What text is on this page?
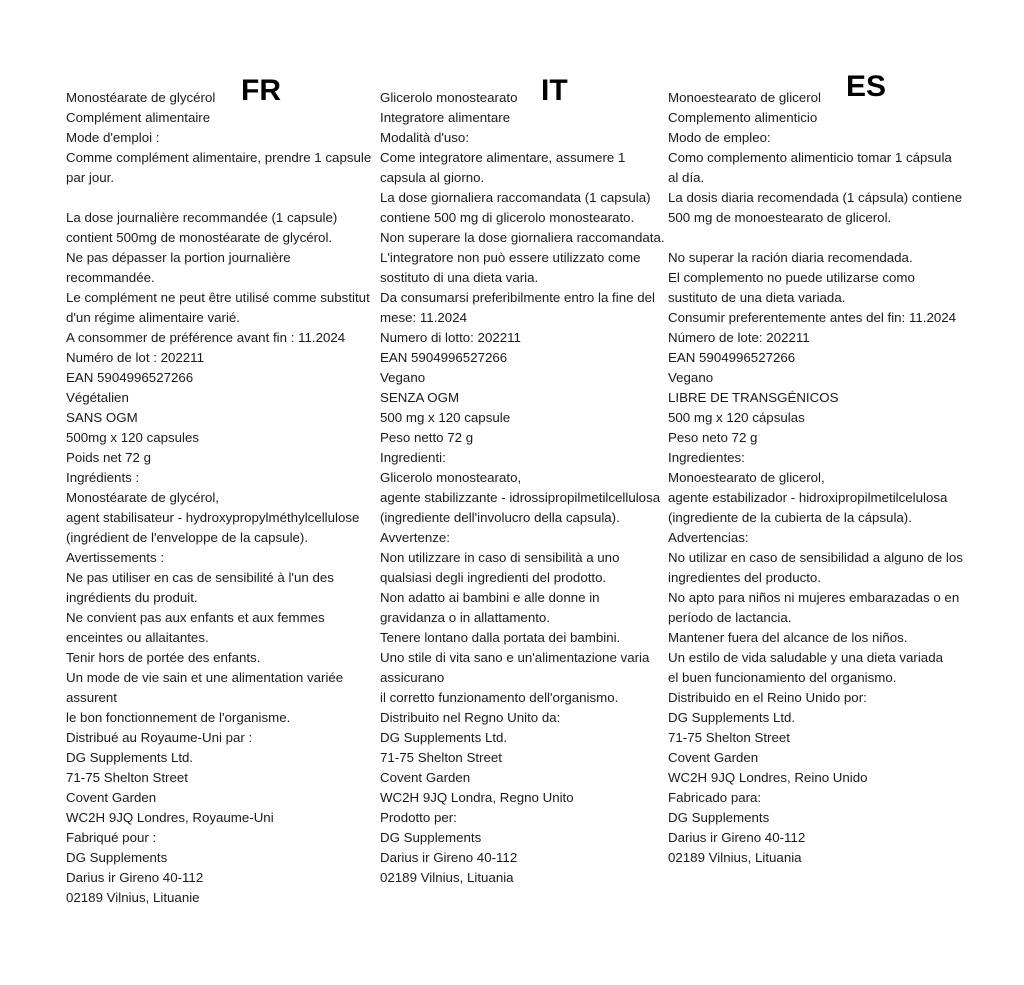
FR	IT	ES
Monostéarate de glycérol
Complément alimentaire
Mode d'emploi :
Comme complément alimentaire, prendre 1 capsule par jour.
La dose journalière recommandée (1 capsule) contient 500mg de monostéarate de glycérol.
Ne pas dépasser la portion journalière recommandée.
Le complément ne peut être utilisé comme substitut d'un régime alimentaire varié.
A consommer de préférence avant fin : 11.2024
Numéro de lot : 202211
EAN 5904996527266
Végétalien
SANS OGM
500mg x 120 capsules
Poids net 72 g
Ingrédients :
Monostéarate de glycérol,
agent stabilisateur - hydroxypropylméthylcellulose (ingrédient de l'enveloppe de la capsule).
Avertissements :
Ne pas utiliser en cas de sensibilité à l'un des ingrédients du produit.
Ne convient pas aux enfants et aux femmes enceintes ou allaitantes.
Tenir hors de portée des enfants.
Un mode de vie sain et une alimentation variée assurent
le bon fonctionnement de l'organisme.
Distribué au Royaume-Uni par :
DG Supplements Ltd.
71-75 Shelton Street
Covent Garden
WC2H 9JQ Londres, Royaume-Uni
Fabriqué pour :
DG Supplements
Darius ir Gireno 40-112
02189 Vilnius, Lituanie
Glicerolo monostearato
Integratore alimentare
Modalità d'uso:
Come integratore alimentare, assumere 1 capsula al giorno.
La dose giornaliera raccomandata (1 capsula) contiene 500 mg di glicerolo monostearato.
Non superare la dose giornaliera raccomandata.
L'integratore non può essere utilizzato come sostituto di una dieta varia.
Da consumarsi preferibilmente entro la fine del mese: 11.2024
Numero di lotto: 202211
EAN 5904996527266
Vegano
SENZA OGM
500 mg x 120 capsule
Peso netto 72 g
Ingredienti:
Glicerolo monostearato,
agente stabilizzante - idrossipropilmetilcellulosa (ingrediente dell'involucro della capsula).
Avvertenze:
Non utilizzare in caso di sensibilità a uno qualsiasi degli ingredienti del prodotto.
Non adatto ai bambini e alle donne in gravidanza o in allattamento.
Tenere lontano dalla portata dei bambini.
Uno stile di vita sano e un'alimentazione varia assicurano
il corretto funzionamento dell'organismo.
Distribuito nel Regno Unito da:
DG Supplements Ltd.
71-75 Shelton Street
Covent Garden
WC2H 9JQ Londra, Regno Unito
Prodotto per:
DG Supplements
Darius ir Gireno 40-112
02189 Vilnius, Lituania
Monoestearato de glicerol
Complemento alimenticio
Modo de empleo:
Como complemento alimenticio tomar 1 cápsula al día.
La dosis diaria recomendada (1 cápsula) contiene 500 mg de monoestearato de glicerol.
No superar la ración diaria recomendada.
El complemento no puede utilizarse como sustituto de una dieta variada.
Consumir preferentemente antes del fin: 11.2024
Número de lote: 202211
EAN 5904996527266
Vegano
LIBRE DE TRANSGÉNICOS
500 mg x 120 cápsulas
Peso neto 72 g
Ingredientes:
Monoestearato de glicerol,
agente estabilizador - hidroxipropilmetilcelulosa (ingrediente de la cubierta de la cápsula).
Advertencias:
No utilizar en caso de sensibilidad a alguno de los ingredientes del producto.
No apto para niños ni mujeres embarazadas o en período de lactancia.
Mantener fuera del alcance de los niños.
Un estilo de vida saludable y una dieta variada
el buen funcionamiento del organismo.
Distribuido en el Reino Unido por:
DG Supplements Ltd.
71-75 Shelton Street
Covent Garden
WC2H 9JQ Londres, Reino Unido
Fabricado para:
DG Supplements
Darius ir Gireno 40-112
02189 Vilnius, Lituania
